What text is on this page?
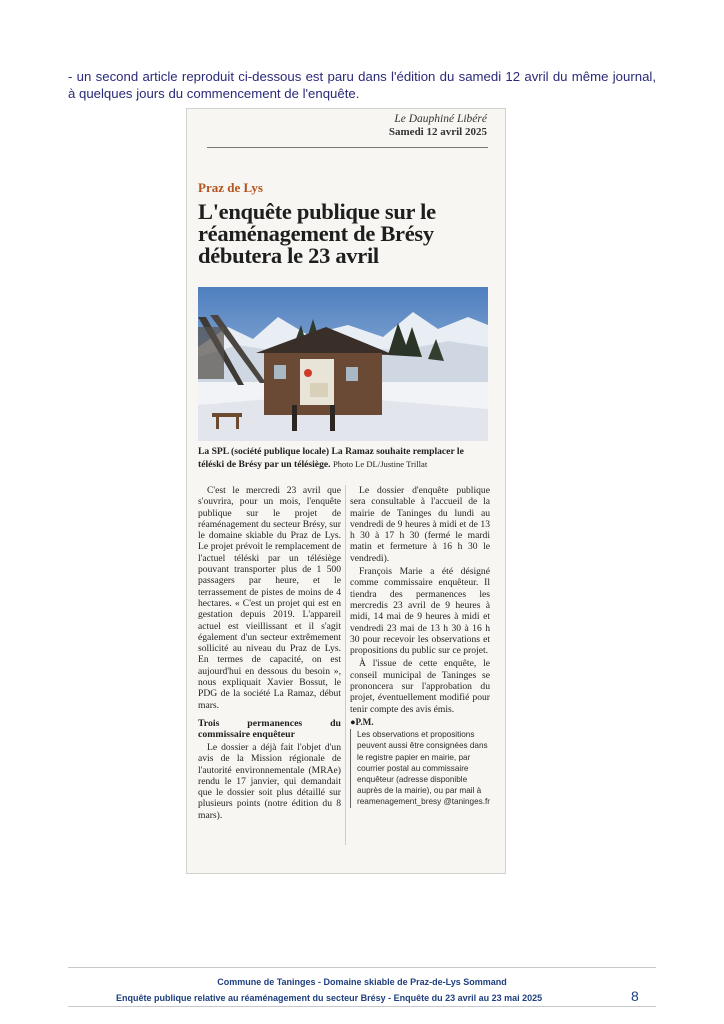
- un second article reproduit ci-dessous est paru dans l'édition du samedi 12 avril du même journal, à quelques jours du commencement de l'enquête.
Le Dauphiné Libéré
Samedi 12 avril 2025
Praz de Lys
L'enquête publique sur le réaménagement de Brésy débutera le 23 avril
La SPL (société publique locale) La Ramaz souhaite remplacer le téléski de Brésy par un télésiège. Photo Le DL/Justine Trillat

C'est le mercredi 23 avril que s'ouvrira, pour un mois, l'enquête publique sur le projet de réaménagement du secteur Brésy, sur le domaine skiable du Praz de Lys. Le projet prévoit le remplacement de l'actuel téléski par un télésiège pouvant transporter plus de 1 500 passagers par heure, et le terrassement de pistes de moins de 4 hectares. « C'est un projet qui est en gestation depuis 2019. L'appareil actuel est vieillissant et il s'agit également d'un secteur extrêmement sollicité au niveau du Praz de Lys. En termes de capacité, on est aujourd'hui en dessous du besoin », nous expliquait Xavier Bossut, le PDG de la société La Ramaz, début mars.

Trois permanences du commissaire enquêteur

Le dossier a déjà fait l'objet d'un avis de la Mission régionale de l'autorité environnementale (MRAe) rendu le 17 janvier, qui demandait que le dossier soit plus détaillé sur plusieurs points (notre édition du 8 mars).

Le dossier d'enquête publique sera consultable à l'accueil de la mairie de Taninges du lundi au vendredi de 9 heures à midi et de 13 h 30 à 17 h 30 (fermé le mardi matin et fermeture à 16 h 30 le vendredi).

François Marie a été désigné comme commissaire enquêteur. Il tiendra des permanences les mercredis 23 avril de 9 heures à midi, 14 mai de 9 heures à midi et vendredi 23 mai de 13 h 30 à 16 h 30 pour recevoir les observations et propositions du public sur ce projet.

À l'issue de cette enquête, le conseil municipal de Taninges se prononcera sur l'approbation du projet, éventuellement modifié pour tenir compte des avis émis.

●P.M.
Les observations et propositions peuvent aussi être consignées dans le registre papier en mairie, par courrier postal au commissaire enquêteur (adresse disponible auprès de la mairie), ou par mail à reamenagement_bresy @taninges.fr
Commune de Taninges - Domaine skiable de Praz-de-Lys Sommand
Enquête publique relative au réaménagement du secteur Brésy - Enquête du 23 avril au 23 mai 2025	8
